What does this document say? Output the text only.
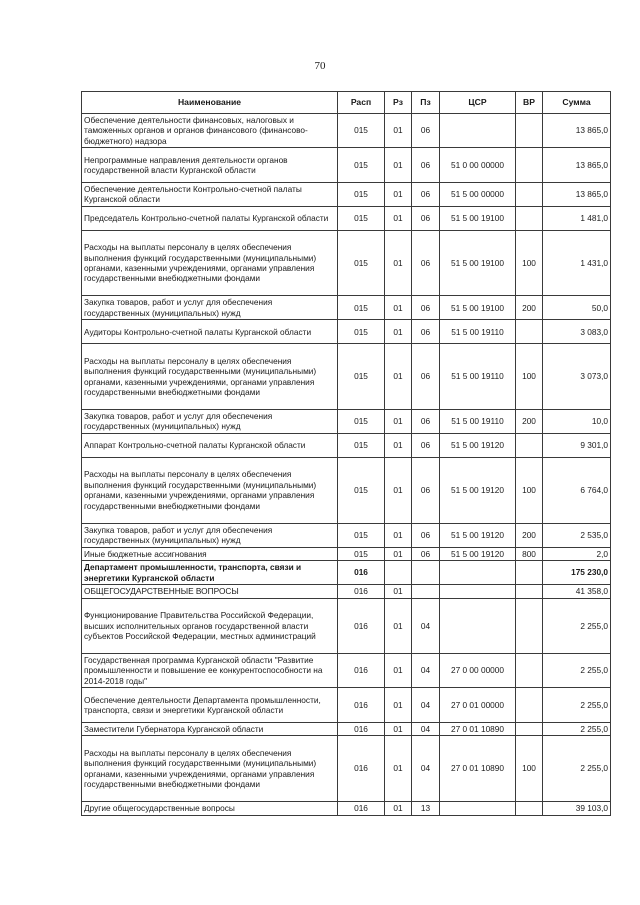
70
Наименование	Расп	Рз	Пз	ЦСР	ВР	Сумма
Обеспечение деятельности финансовых, налоговых и таможенных органов и органов финансового (финансово-бюджетного) надзора	015	01	06			13 865,0
Непрограммные направления деятельности органов государственной власти Курганской области	015	01	06	51 0 00 00000		13 865,0
Обеспечение деятельности Контрольно-счетной палаты Курганской области	015	01	06	51 5 00 00000		13 865,0
Председатель Контрольно-счетной палаты Курганской области	015	01	06	51 5 00 19100		1 481,0
Расходы на выплаты персоналу в целях обеспечения выполнения функций государственными (муниципальными) органами, казенными учреждениями, органами управления государственными внебюджетными фондами	015	01	06	51 5 00 19100	100	1 431,0
Закупка товаров, работ и услуг для обеспечения государственных (муниципальных) нужд	015	01	06	51 5 00 19100	200	50,0
Аудиторы Контрольно-счетной палаты Курганской области	015	01	06	51 5 00 19110		3 083,0
Расходы на выплаты персоналу в целях обеспечения выполнения функций государственными (муниципальными) органами, казенными учреждениями, органами управления государственными внебюджетными фондами	015	01	06	51 5 00 19110	100	3 073,0
Закупка товаров, работ и услуг для обеспечения государственных (муниципальных) нужд	015	01	06	51 5 00 19110	200	10,0
Аппарат Контрольно-счетной палаты Курганской области	015	01	06	51 5 00 19120		9 301,0
Расходы на выплаты персоналу в целях обеспечения выполнения функций государственными (муниципальными) органами, казенными учреждениями, органами управления государственными внебюджетными фондами	015	01	06	51 5 00 19120	100	6 764,0
Закупка товаров, работ и услуг для обеспечения государственных (муниципальных) нужд	015	01	06	51 5 00 19120	200	2 535,0
Иные бюджетные ассигнования	015	01	06	51 5 00 19120	800	2,0
Департамент промышленности, транспорта, связи и энергетики Курганской области	016					175 230,0
ОБЩЕГОСУДАРСТВЕННЫЕ ВОПРОСЫ	016	01				41 358,0
Функционирование Правительства Российской Федерации, высших исполнительных органов государственной власти субъектов Российской Федерации, местных администраций	016	01	04			2 255,0
Государственная программа Курганской области "Развитие промышленности и повышение ее конкурентоспособности на 2014-2018 годы"	016	01	04	27 0 00 00000		2 255,0
Обеспечение деятельности Департамента промышленности, транспорта, связи и энергетики Курганской области	016	01	04	27 0 01 00000		2 255,0
Заместители Губернатора Курганской области	016	01	04	27 0 01 10890		2 255,0
Расходы на выплаты персоналу в целях обеспечения выполнения функций государственными (муниципальными) органами, казенными учреждениями, органами управления государственными внебюджетными фондами	016	01	04	27 0 01 10890	100	2 255,0
Другие общегосударственные вопросы	016	01	13			39 103,0
